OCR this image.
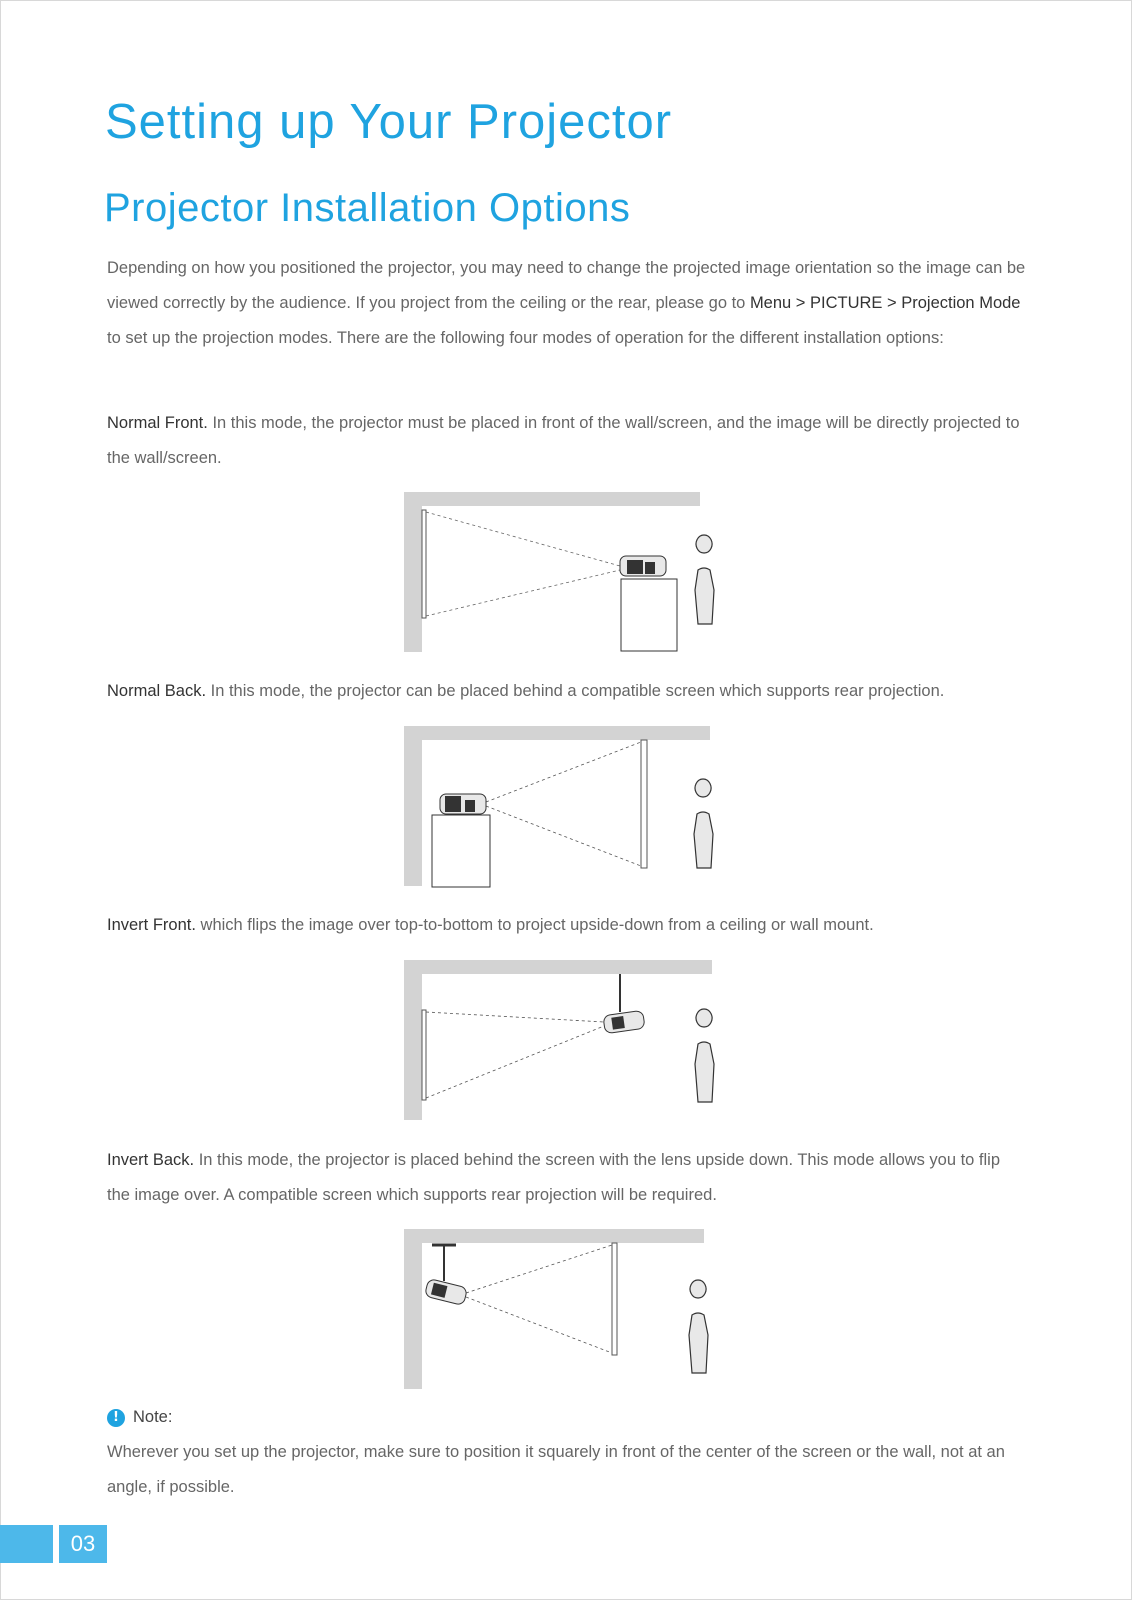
Setting up Your Projector
Projector Installation Options

Depending on how you positioned the projector, you may need to change the projected image orientation so the image can be viewed correctly by the audience. If you project from the ceiling or the rear, please go to Menu > PICTURE > Projection Mode to set up the projection modes. There are the following four modes of operation for the different installation options:

Normal Front. In this mode, the projector must be placed in front of the wall/screen, and the image will be directly projected to the wall/screen.

Normal Back. In this mode, the projector can be placed behind a compatible screen which supports rear projection.

Invert Front. which flips the image over top-to-bottom to project upside-down from a ceiling or wall mount.

Invert Back. In this mode, the projector is placed behind the screen with the lens upside down. This mode allows you to flip the image over. A compatible screen which supports rear projection will be required.

! Note:

Wherever you set up the projector, make sure to position it squarely in front of the center of the screen or the wall, not at an angle, if possible.

03
